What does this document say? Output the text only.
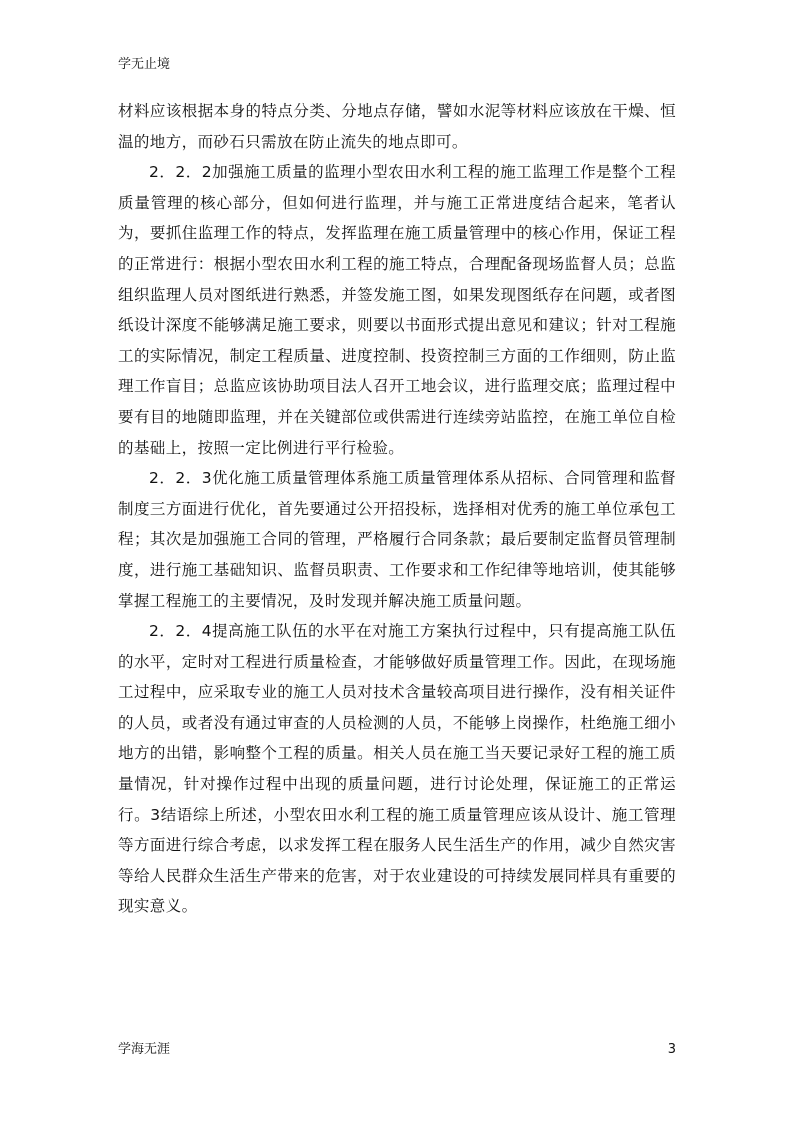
学无止境

材料应该根据本身的特点分类、分地点存储，譬如水泥等材料应该放在干燥、恒温的地方，而砂石只需放在防止流失的地点即可。

2．2．2加强施工质量的监理小型农田水利工程的施工监理工作是整个工程质量管理的核心部分，但如何进行监理，并与施工正常进度结合起来，笔者认为，要抓住监理工作的特点，发挥监理在施工质量管理中的核心作用，保证工程的正常进行：根据小型农田水利工程的施工特点，合理配备现场监督人员；总监组织监理人员对图纸进行熟悉，并签发施工图，如果发现图纸存在问题，或者图纸设计深度不能够满足施工要求，则要以书面形式提出意见和建议；针对工程施工的实际情况，制定工程质量、进度控制、投资控制三方面的工作细则，防止监理工作盲目；总监应该协助项目法人召开工地会议，进行监理交底；监理过程中要有目的地随即监理，并在关键部位或供需进行连续旁站监控，在施工单位自检的基础上，按照一定比例进行平行检验。

2．2．3优化施工质量管理体系施工质量管理体系从招标、合同管理和监督制度三方面进行优化，首先要通过公开招投标，选择相对优秀的施工单位承包工程；其次是加强施工合同的管理，严格履行合同条款；最后要制定监督员管理制度，进行施工基础知识、监督员职责、工作要求和工作纪律等地培训，使其能够掌握工程施工的主要情况，及时发现并解决施工质量问题。

2．2．4提高施工队伍的水平在对施工方案执行过程中，只有提高施工队伍的水平，定时对工程进行质量检查，才能够做好质量管理工作。因此，在现场施工过程中，应采取专业的施工人员对技术含量较高项目进行操作，没有相关证件的人员，或者没有通过审查的人员检测的人员，不能够上岗操作，杜绝施工细小地方的出错，影响整个工程的质量。相关人员在施工当天要记录好工程的施工质量情况，针对操作过程中出现的质量问题，进行讨论处理，保证施工的正常运行。3结语综上所述，小型农田水利工程的施工质量管理应该从设计、施工管理等方面进行综合考虑，以求发挥工程在服务人民生活生产的作用，减少自然灾害等给人民群众生活生产带来的危害，对于农业建设的可持续发展同样具有重要的现实意义。

学海无涯	3
